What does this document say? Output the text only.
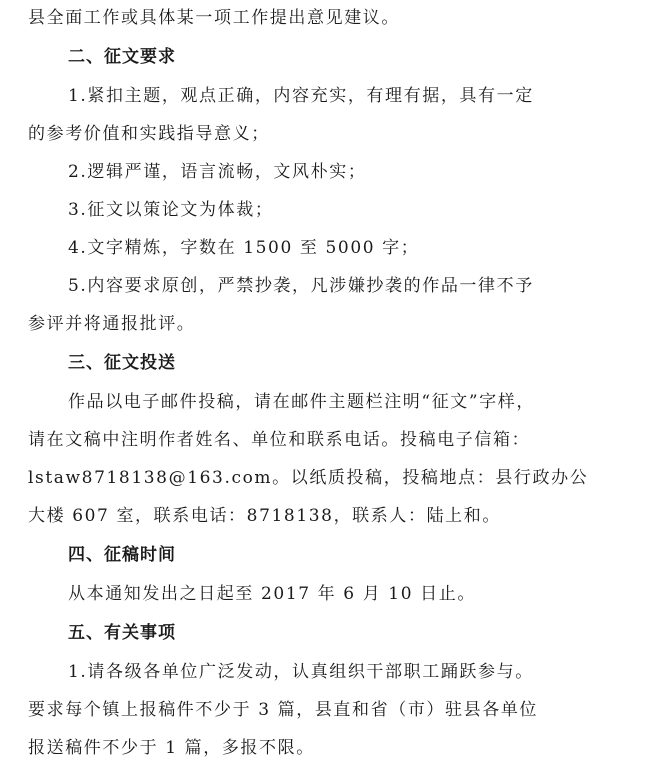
县全面工作或具体某一项工作提出意见建议。
二、征文要求
1.紧扣主题，观点正确，内容充实，有理有据，具有一定
的参考价值和实践指导意义；
2.逻辑严谨，语言流畅，文风朴实；
3.征文以策论文为体裁；
4.文字精炼，字数在 1500 至 5000 字；
5.内容要求原创，严禁抄袭，凡涉嫌抄袭的作品一律不予
参评并将通报批评。
三、征文投送
作品以电子邮件投稿，请在邮件主题栏注明“征文”字样，
请在文稿中注明作者姓名、单位和联系电话。投稿电子信箱：
lstaw8718138@163.com。以纸质投稿，投稿地点：县行政办公
大楼 607 室，联系电话：8718138，联系人：陆上和。
四、征稿时间
从本通知发出之日起至 2017 年 6 月 10 日止。
五、有关事项
1.请各级各单位广泛发动，认真组织干部职工踊跃参与。
要求每个镇上报稿件不少于 3 篇，县直和省（市）驻县各单位
报送稿件不少于 1 篇，多报不限。
